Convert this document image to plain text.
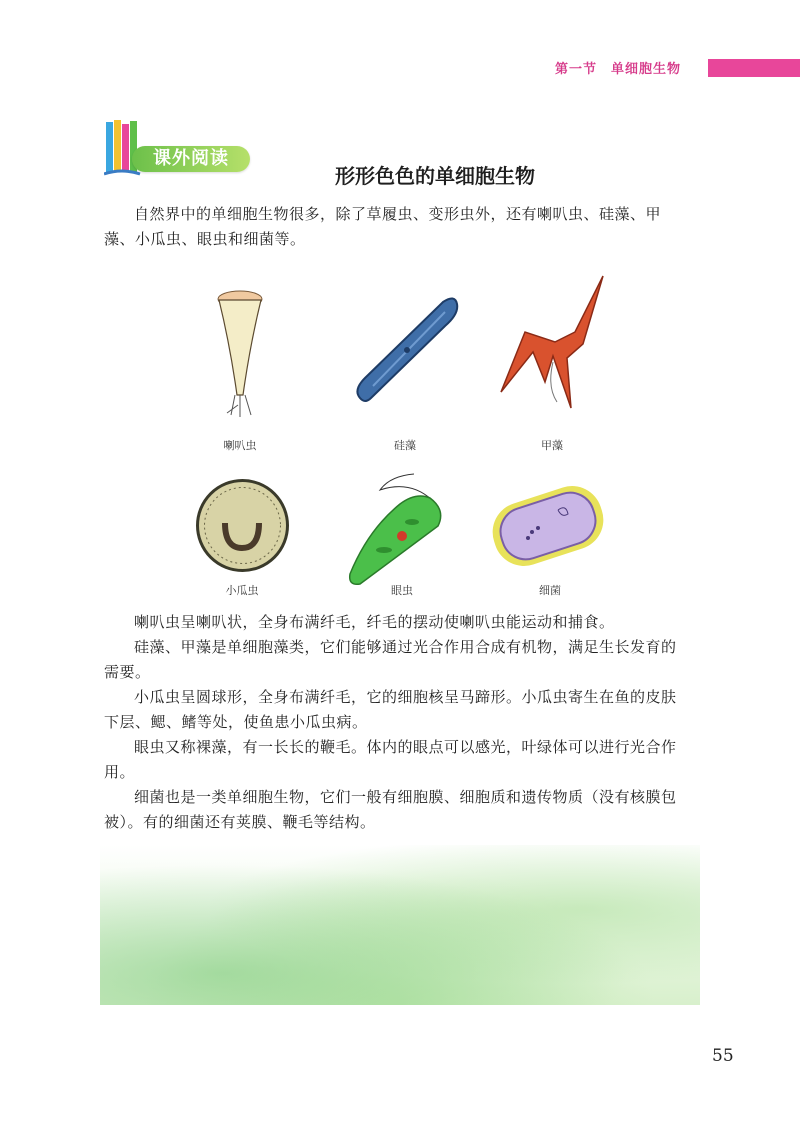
第一节 单细胞生物
课外阅读
形形色色的单细胞生物
自然界中的单细胞生物很多，除了草履虫、变形虫外，还有喇叭虫、硅藻、甲藻、小瓜虫、眼虫和细菌等。
喇叭虫	硅藻	甲藻
小瓜虫	眼虫	细菌
喇叭虫呈喇叭状，全身布满纤毛，纤毛的摆动使喇叭虫能运动和捕食。
硅藻、甲藻是单细胞藻类，它们能够通过光合作用合成有机物，满足生长发育的需要。
小瓜虫呈圆球形，全身布满纤毛，它的细胞核呈马蹄形。小瓜虫寄生在鱼的皮肤下层、鳃、鳍等处，使鱼患小瓜虫病。
眼虫又称裸藻，有一长长的鞭毛。体内的眼点可以感光，叶绿体可以进行光合作用。
细菌也是一类单细胞生物，它们一般有细胞膜、细胞质和遗传物质（没有核膜包被）。有的细菌还有荚膜、鞭毛等结构。
55
